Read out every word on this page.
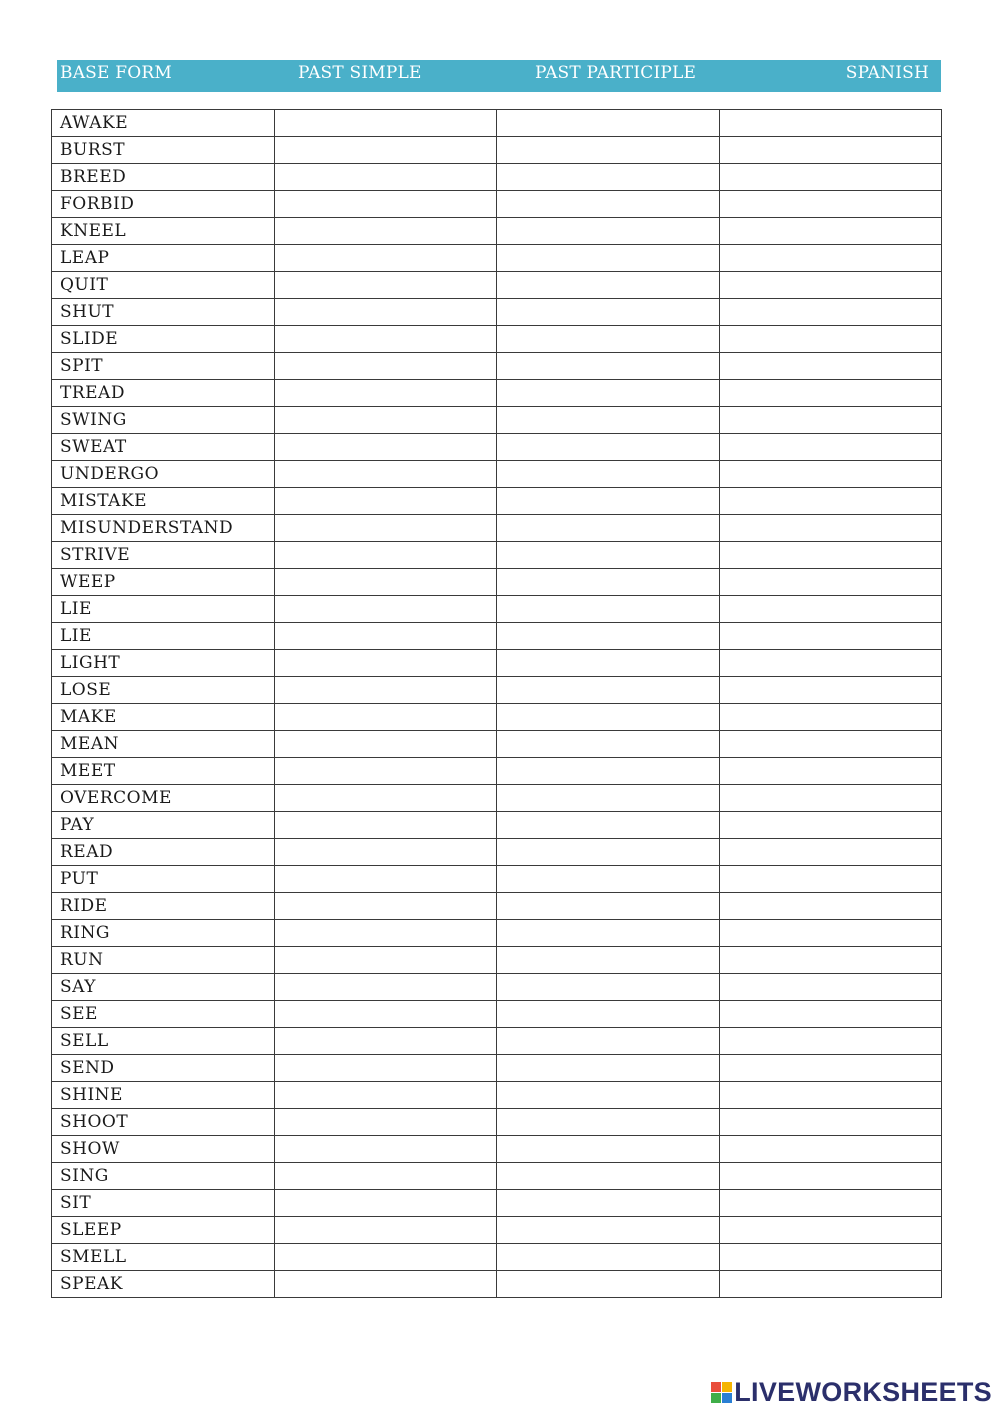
BASE FORM	PAST SIMPLE	PAST PARTICIPLE	SPANISH
AWAKE			
BURST			
BREED			
FORBID			
KNEEL			
LEAP			
QUIT			
SHUT			
SLIDE			
SPIT			
TREAD			
SWING			
SWEAT			
UNDERGO			
MISTAKE			
MISUNDERSTAND			
STRIVE			
WEEP			
LIE			
LIE			
LIGHT			
LOSE			
MAKE			
MEAN			
MEET			
OVERCOME			
PAY			
READ			
PUT			
RIDE			
RING			
RUN			
SAY			
SEE			
SELL			
SEND			
SHINE			
SHOOT			
SHOW			
SING			
SIT			
SLEEP			
SMELL			
SPEAK			
LIVEWORKSHEETS
